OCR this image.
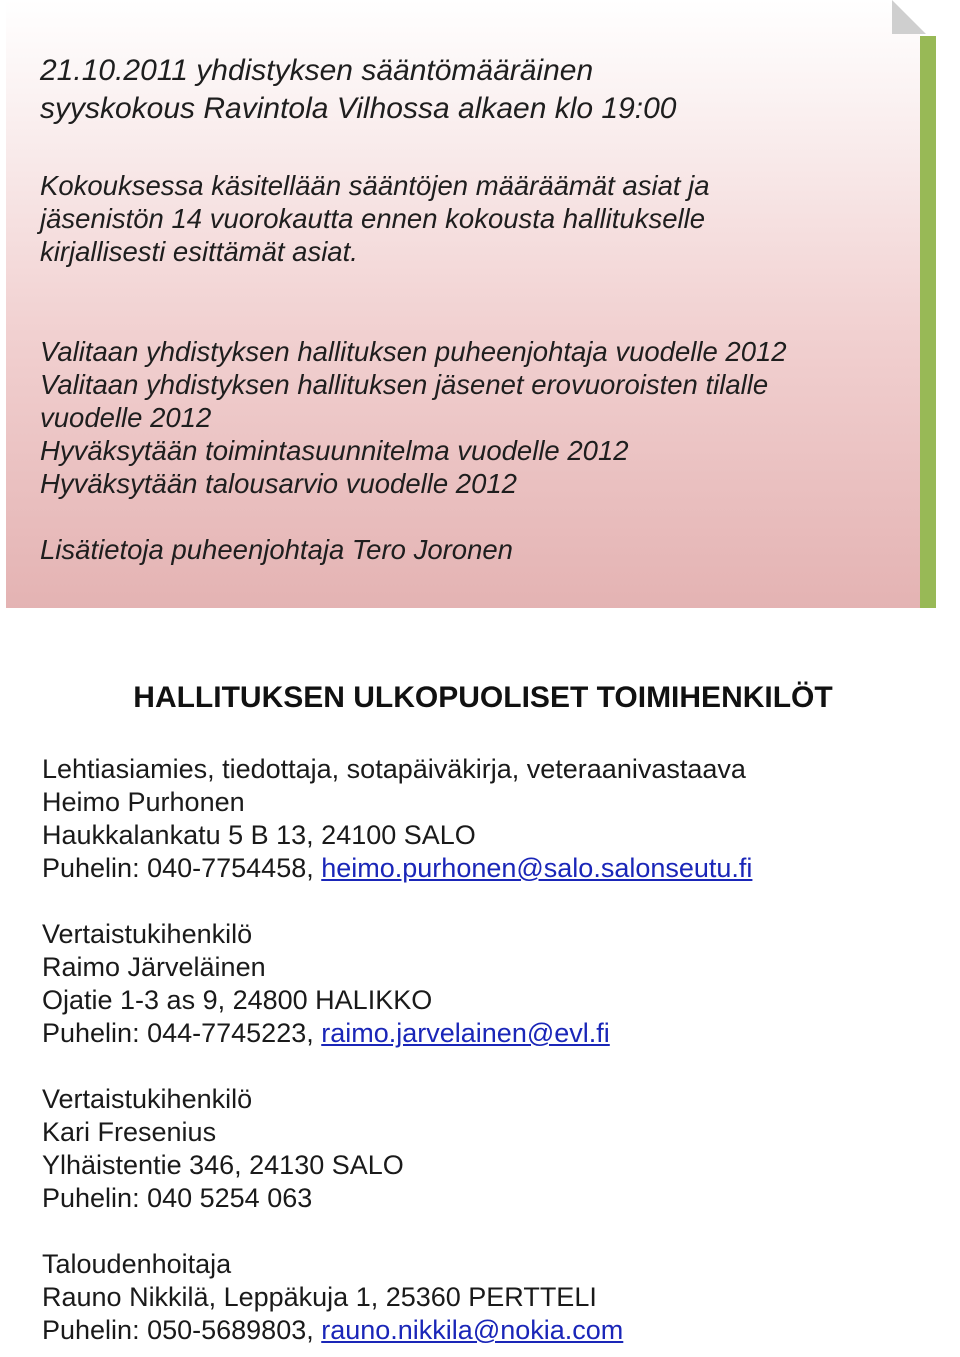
21.10.2011 yhdistyksen sääntömääräinen

syyskokous Ravintola Vilhossa alkaen klo 19:00

Kokouksessa käsitellään sääntöjen määräämät asiat ja

jäsenistön 14 vuorokautta ennen kokousta hallitukselle

kirjallisesti esittämät asiat.

Valitaan yhdistyksen hallituksen puheenjohtaja vuodelle 2012

Valitaan yhdistyksen hallituksen jäsenet erovuoroisten tilalle

vuodelle 2012

Hyväksytään toimintasuunnitelma vuodelle 2012

Hyväksytään talousarvio vuodelle 2012

Lisätietoja puheenjohtaja Tero Joronen

HALLITUKSEN ULKOPUOLISET TOIMIHENKILÖT

Lehtiasiamies, tiedottaja, sotapäiväkirja, veteraanivastaava

Heimo Purhonen

Haukkalankatu 5 B 13, 24100 SALO

Puhelin: 040-7754458, heimo.purhonen@salo.salonseutu.fi

Vertaistukihenkilö

Raimo Järveläinen

Ojatie 1-3 as 9, 24800 HALIKKO

Puhelin: 044-7745223, raimo.jarvelainen@evl.fi

Vertaistukihenkilö

Kari Fresenius

Ylhäistentie 346, 24130 SALO

Puhelin: 040 5254 063

Taloudenhoitaja

Rauno Nikkilä, Leppäkuja 1, 25360 PERTTELI

Puhelin: 050-5689803, rauno.nikkila@nokia.com
